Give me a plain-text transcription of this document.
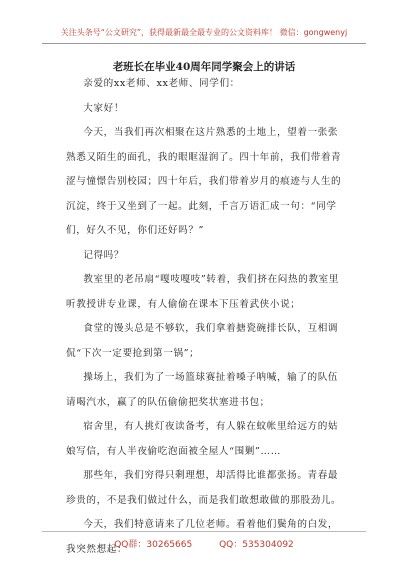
关注头条号“公文研究”，获得最新最全最专业的公文资料库！ 微信：gongwenyj
老班长在毕业40周年同学聚会上的讲话

亲爱的xx老师、xx老师、同学们：

大家好！

今天，当我们再次相聚在这片熟悉的土地上，望着一张张熟悉又陌生的面孔，我的眼眶湿润了。四十年前，我们带着青涩与憧憬告别校园；四十年后，我们带着岁月的痕迹与人生的沉淀，终于又坐到了一起。此刻，千言万语汇成一句：“同学们，好久不见，你们还好吗？”

记得吗？

教室里的老吊扇“嘎吱嘎吱”转着，我们挤在闷热的教室里听教授讲专业课，有人偷偷在课本下压着武侠小说；

食堂的馒头总是不够软，我们拿着搪瓷碗排长队，互相调侃“下次一定要抢到第一锅”；

操场上，我们为了一场篮球赛扯着嗓子呐喊，输了的队伍请喝汽水，赢了的队伍偷偷把奖状塞进书包；

宿舍里，有人挑灯夜读备考，有人躲在蚊帐里给远方的姑娘写信，有人半夜偷吃泡面被全屋人“围剿”……

那些年，我们穷得只剩理想，却活得比谁都张扬。青春最珍贵的，不是我们做过什么，而是我们敢想敢做的那股劲儿。

今天，我们特意请来了几位老师。看着他们鬓角的白发，我突然想起：

QQ群：30265665	QQ：535304092
